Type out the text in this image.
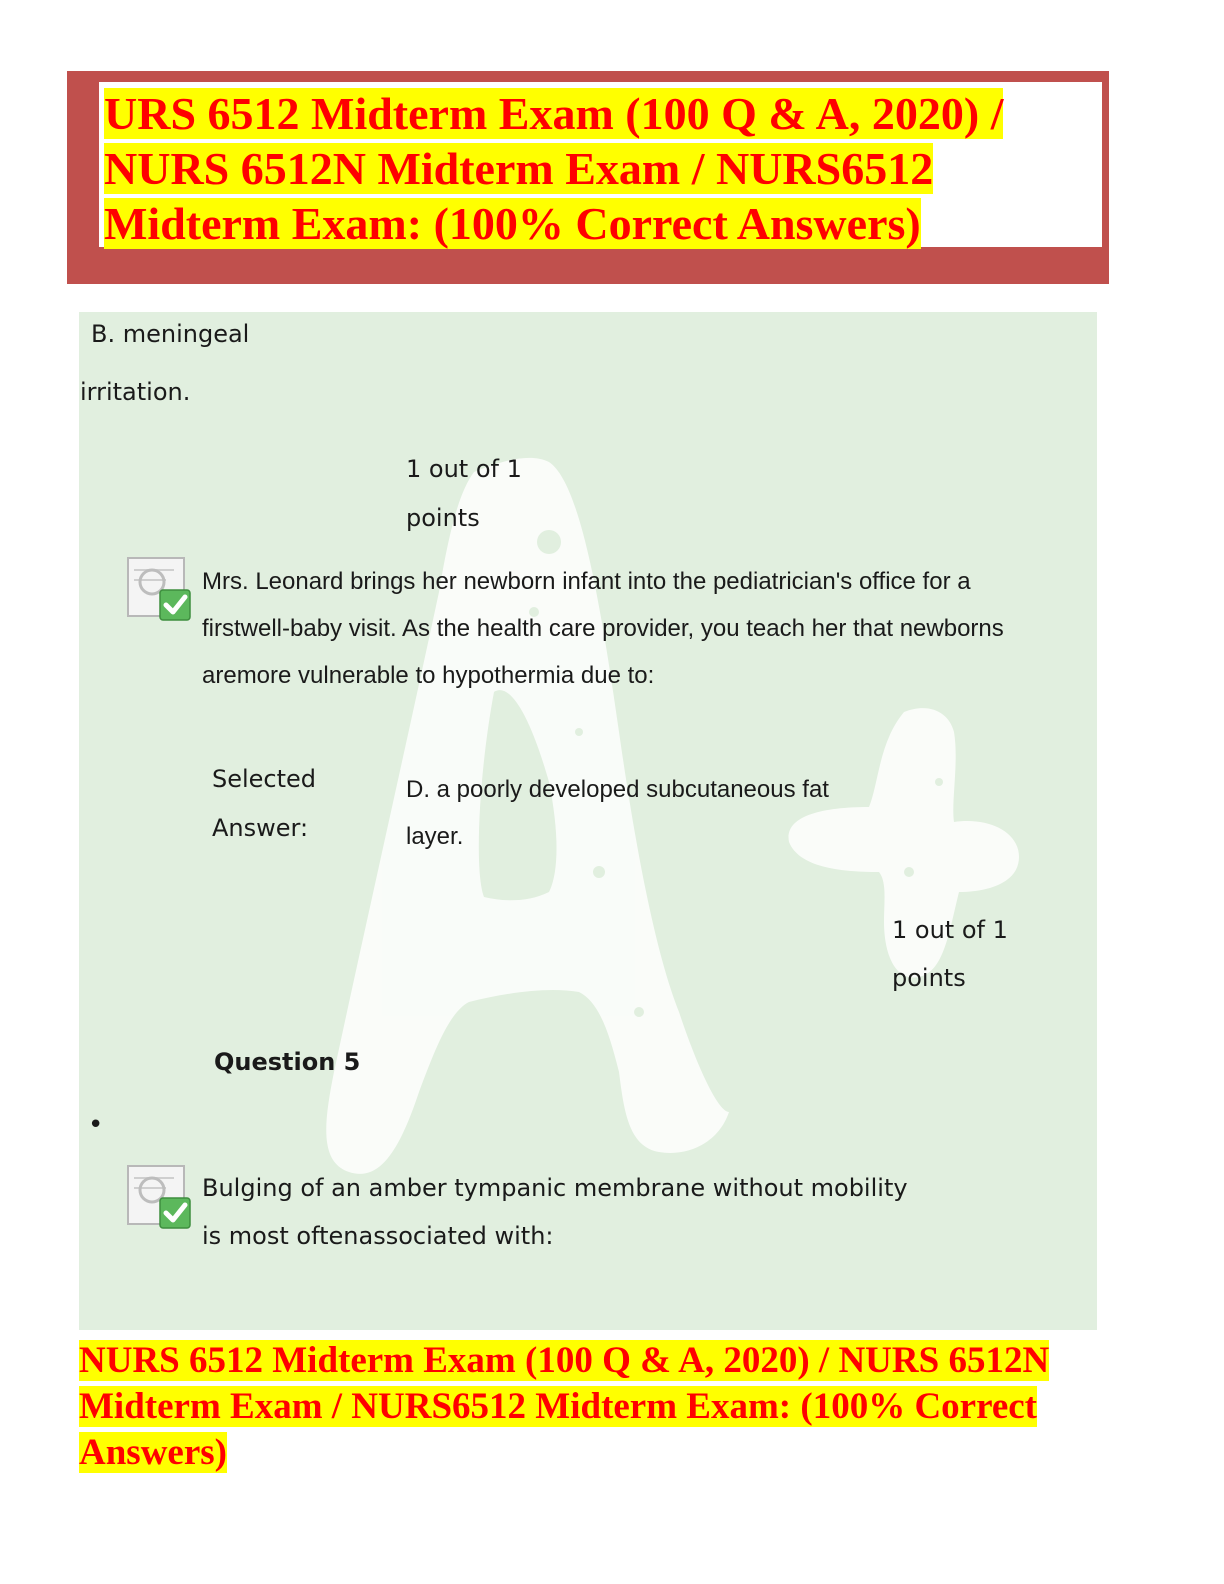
URS 6512 Midterm Exam (100 Q & A, 2020) / NURS 6512N Midterm Exam / NURS6512 Midterm Exam: (100% Correct Answers)

B. meningeal

irritation.

1 out of 1

points

Mrs. Leonard brings her newborn infant into the pediatrician's office for a firstwell-baby visit. As the health care provider, you teach her that newborns aremore vulnerable to hypothermia due to:

Selected

Answer:

D. a poorly developed subcutaneous fat layer.

1 out of 1

points

Question 5

•

Bulging of an amber tympanic membrane without mobility is most oftenassociated with:

NURS 6512 Midterm Exam (100 Q & A, 2020) / NURS 6512N Midterm Exam / NURS6512 Midterm Exam: (100% Correct Answers)
